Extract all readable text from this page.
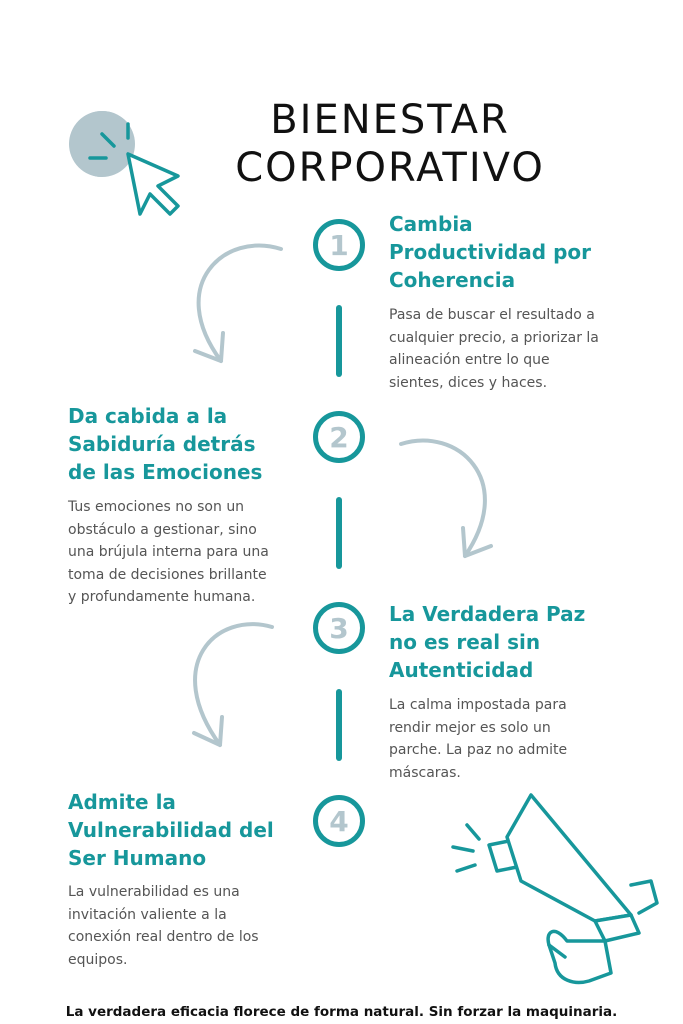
BIENESTAR
CORPORATIVO
1
2
3
4
Cambia
Productividad por
Coherencia
Pasa de buscar el resultado a
cualquier precio, a priorizar la
alineación entre lo que
sientes, dices y haces.
Da cabida a la
Sabiduría detrás
de las Emociones
Tus emociones no son un
obstáculo a gestionar, sino
una brújula interna para una
toma de decisiones brillante
y profundamente humana.
La Verdadera Paz
no es real sin
Autenticidad
La calma impostada para
rendir mejor es solo un
parche. La paz no admite
máscaras.
Admite la
Vulnerabilidad del
Ser Humano
La vulnerabilidad es una
invitación valiente a la
conexión real dentro de los
equipos.
La verdadera eficacia florece de forma natural. Sin forzar la maquinaria.
